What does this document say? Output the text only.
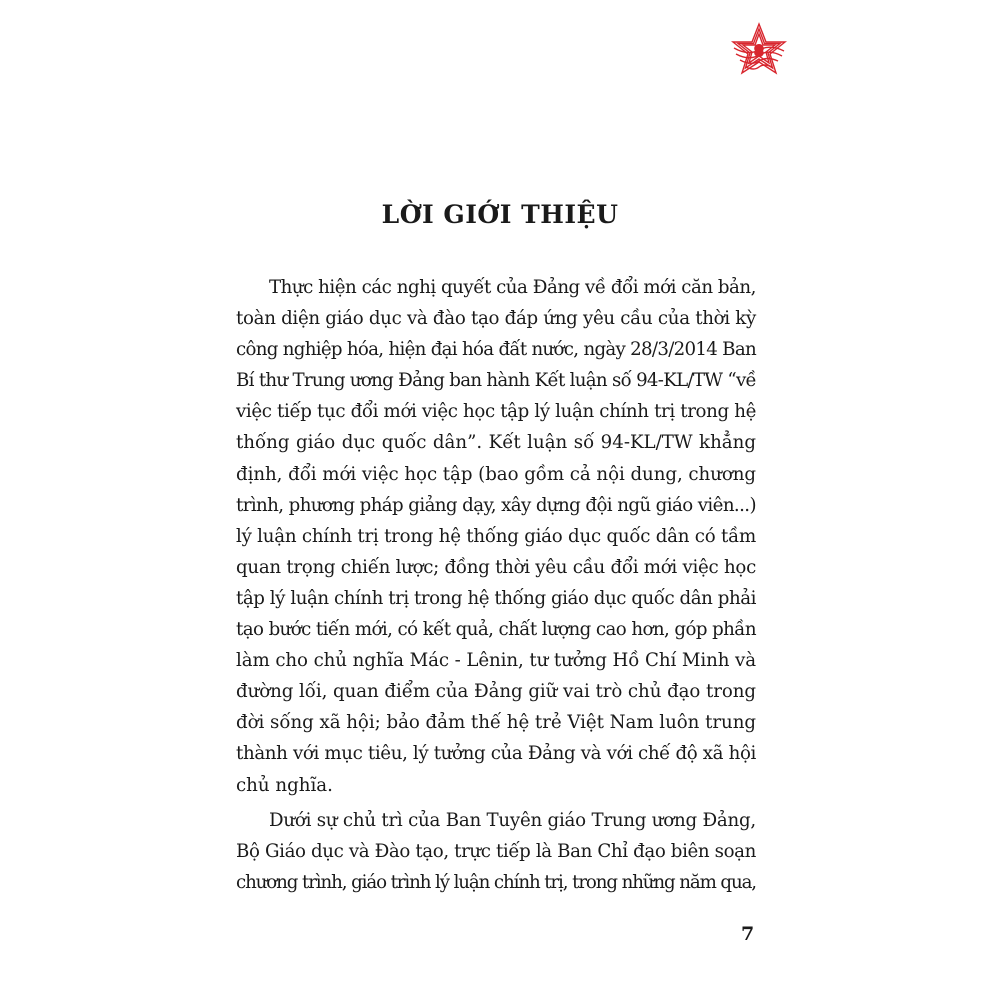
LỜI GIỚI THIỆU
Thực hiện các nghị quyết của Đảng về đổi mới căn bản,
toàn diện giáo dục và đào tạo đáp ứng yêu cầu của thời kỳ
công nghiệp hóa, hiện đại hóa đất nước, ngày 28/3/2014 Ban
Bí thư Trung ương Đảng ban hành Kết luận số 94-KL/TW “về
việc tiếp tục đổi mới việc học tập lý luận chính trị trong hệ
thống giáo dục quốc dân”. Kết luận số 94-KL/TW khẳng
định, đổi mới việc học tập (bao gồm cả nội dung, chương
trình, phương pháp giảng dạy, xây dựng đội ngũ giáo viên...)
lý luận chính trị trong hệ thống giáo dục quốc dân có tầm
quan trọng chiến lược; đồng thời yêu cầu đổi mới việc học
tập lý luận chính trị trong hệ thống giáo dục quốc dân phải
tạo bước tiến mới, có kết quả, chất lượng cao hơn, góp phần
làm cho chủ nghĩa Mác - Lênin, tư tưởng Hồ Chí Minh và
đường lối, quan điểm của Đảng giữ vai trò chủ đạo trong
đời sống xã hội; bảo đảm thế hệ trẻ Việt Nam luôn trung
thành với mục tiêu, lý tưởng của Đảng và với chế độ xã hội
chủ nghĩa.
Dưới sự chủ trì của Ban Tuyên giáo Trung ương Đảng,
Bộ Giáo dục và Đào tạo, trực tiếp là Ban Chỉ đạo biên soạn
chương trình, giáo trình lý luận chính trị, trong những năm qua,
7
